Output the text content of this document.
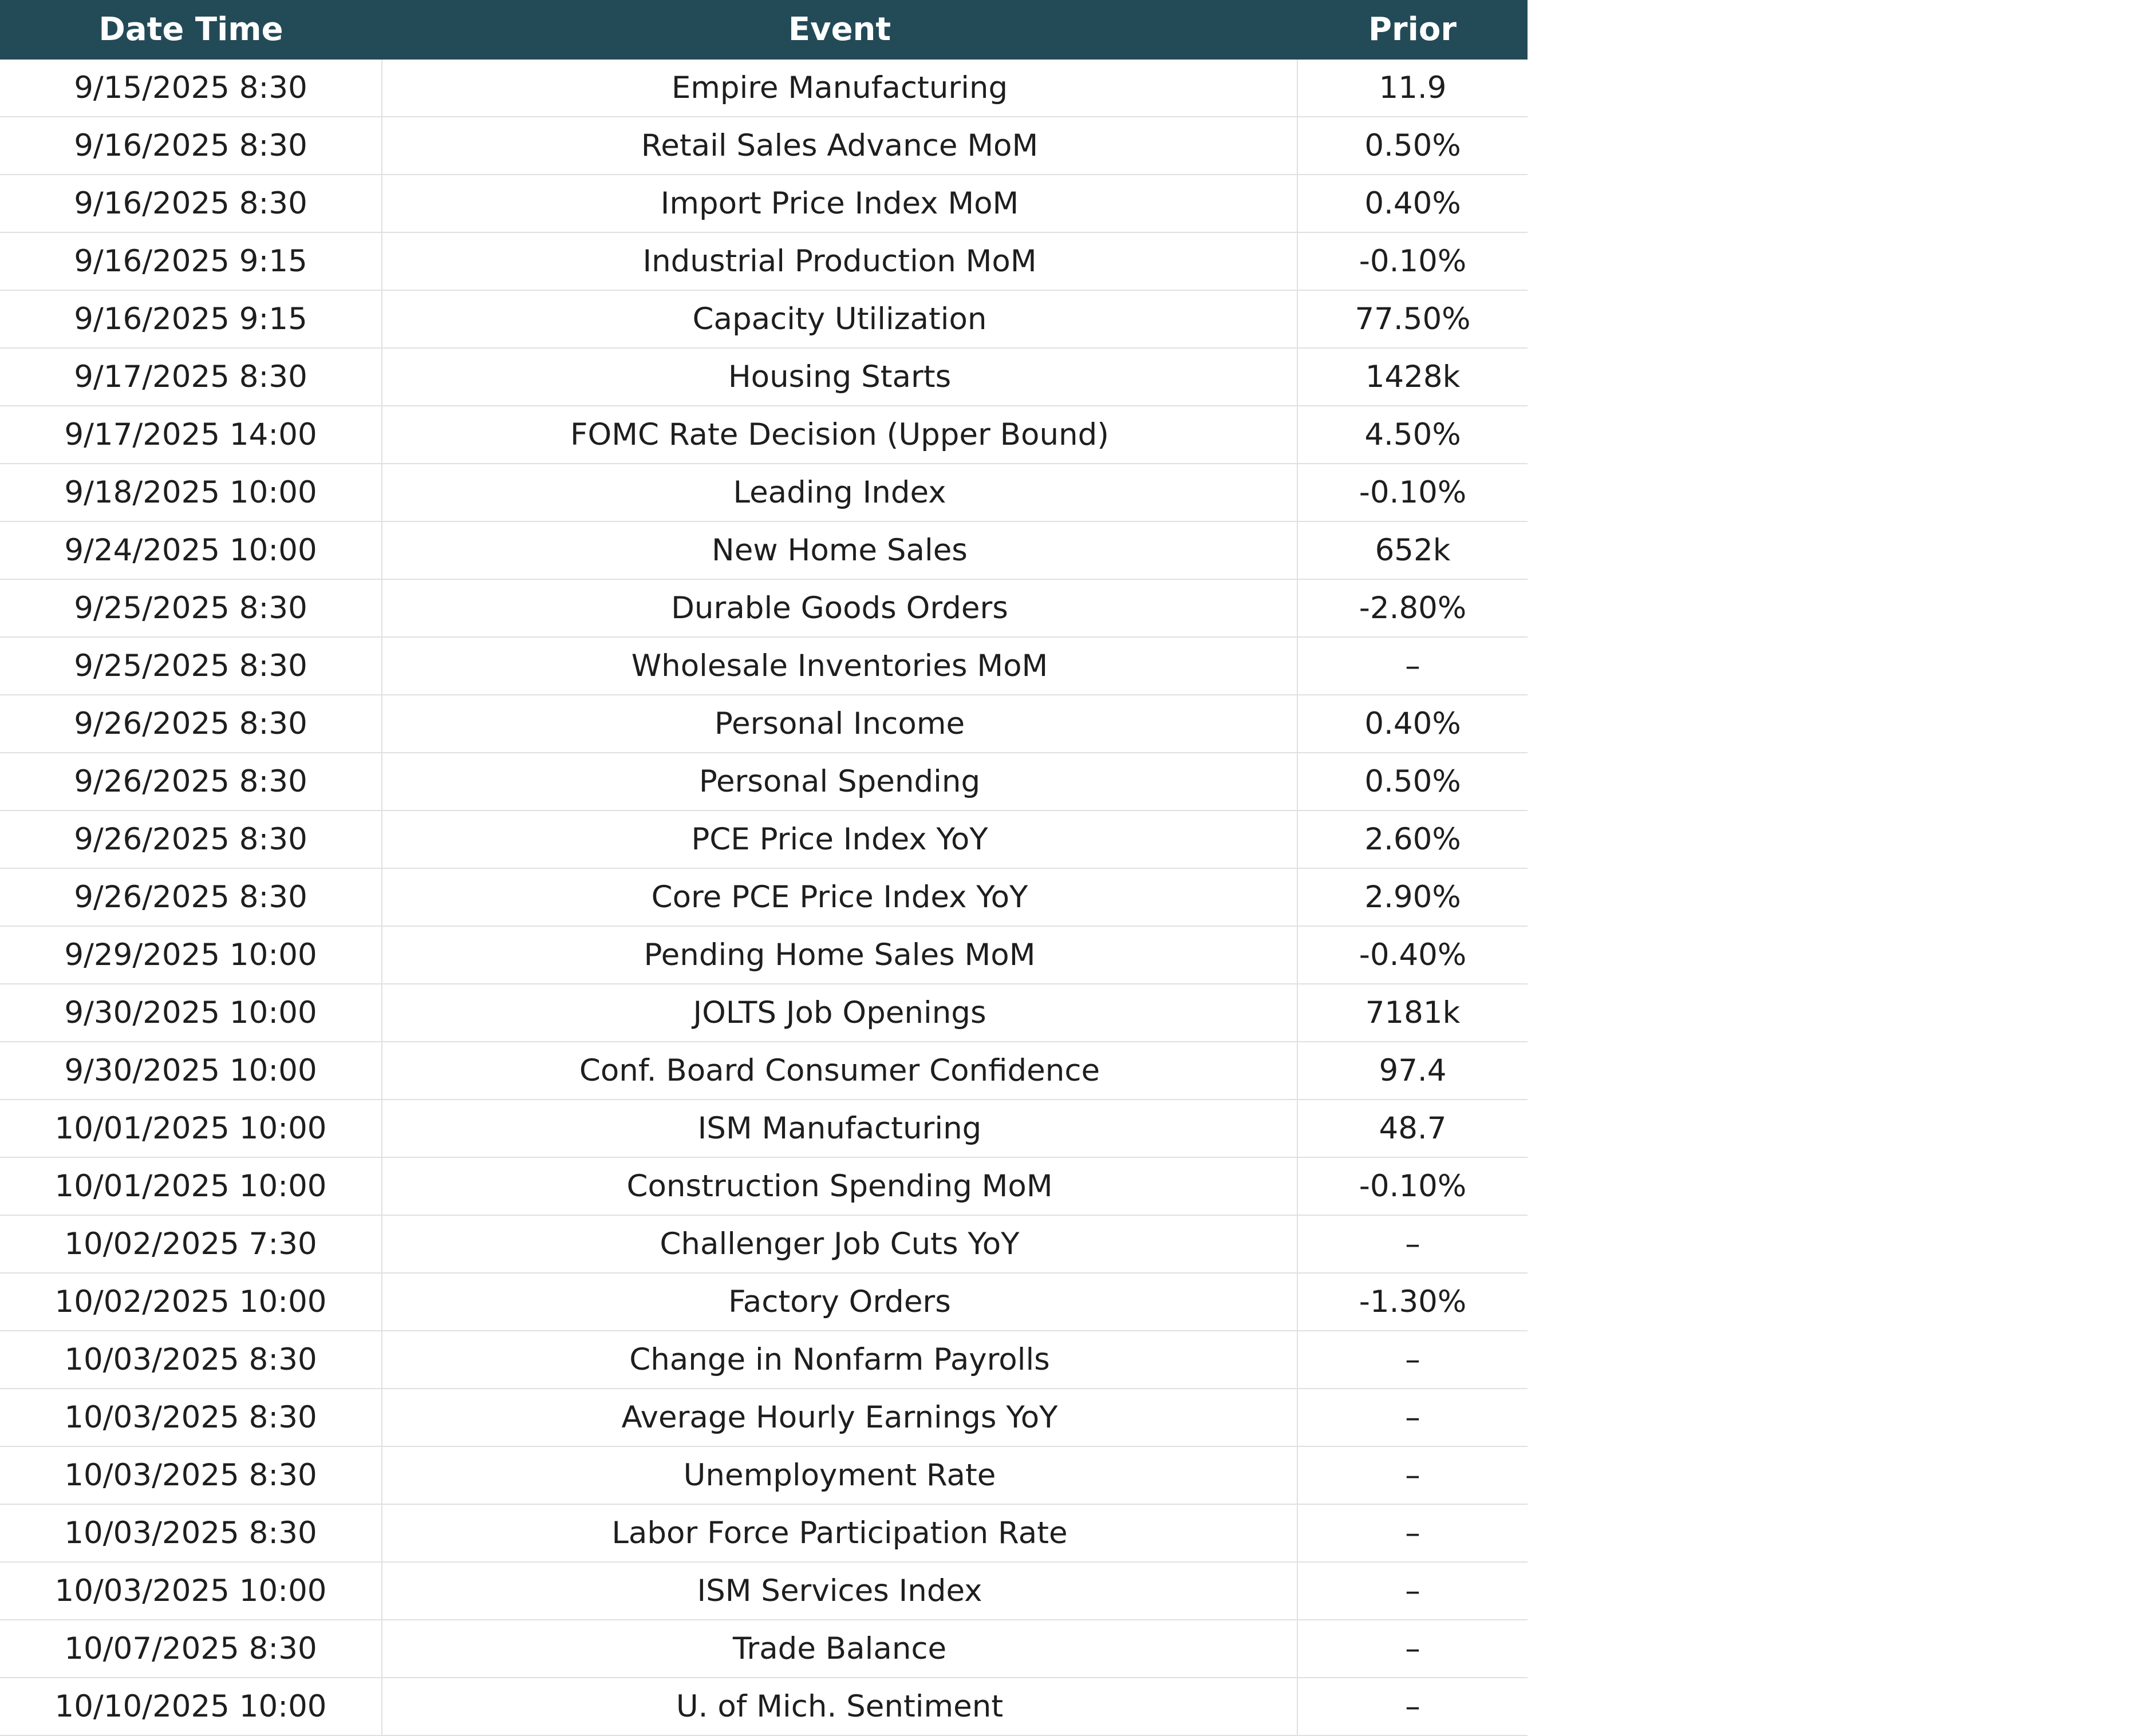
Date Time	Event	Prior
9/15/2025 8:30	Empire Manufacturing	11.9
9/16/2025 8:30	Retail Sales Advance MoM	0.50%
9/16/2025 8:30	Import Price Index MoM	0.40%
9/16/2025 9:15	Industrial Production MoM	-0.10%
9/16/2025 9:15	Capacity Utilization	77.50%
9/17/2025 8:30	Housing Starts	1428k
9/17/2025 14:00	FOMC Rate Decision (Upper Bound)	4.50%
9/18/2025 10:00	Leading Index	-0.10%
9/24/2025 10:00	New Home Sales	652k
9/25/2025 8:30	Durable Goods Orders	-2.80%
9/25/2025 8:30	Wholesale Inventories MoM	–
9/26/2025 8:30	Personal Income	0.40%
9/26/2025 8:30	Personal Spending	0.50%
9/26/2025 8:30	PCE Price Index YoY	2.60%
9/26/2025 8:30	Core PCE Price Index YoY	2.90%
9/29/2025 10:00	Pending Home Sales MoM	-0.40%
9/30/2025 10:00	JOLTS Job Openings	7181k
9/30/2025 10:00	Conf. Board Consumer Confidence	97.4
10/01/2025 10:00	ISM Manufacturing	48.7
10/01/2025 10:00	Construction Spending MoM	-0.10%
10/02/2025 7:30	Challenger Job Cuts YoY	–
10/02/2025 10:00	Factory Orders	-1.30%
10/03/2025 8:30	Change in Nonfarm Payrolls	–
10/03/2025 8:30	Average Hourly Earnings YoY	–
10/03/2025 8:30	Unemployment Rate	–
10/03/2025 8:30	Labor Force Participation Rate	–
10/03/2025 10:00	ISM Services Index	–
10/07/2025 8:30	Trade Balance	–
10/10/2025 10:00	U. of Mich. Sentiment	–
